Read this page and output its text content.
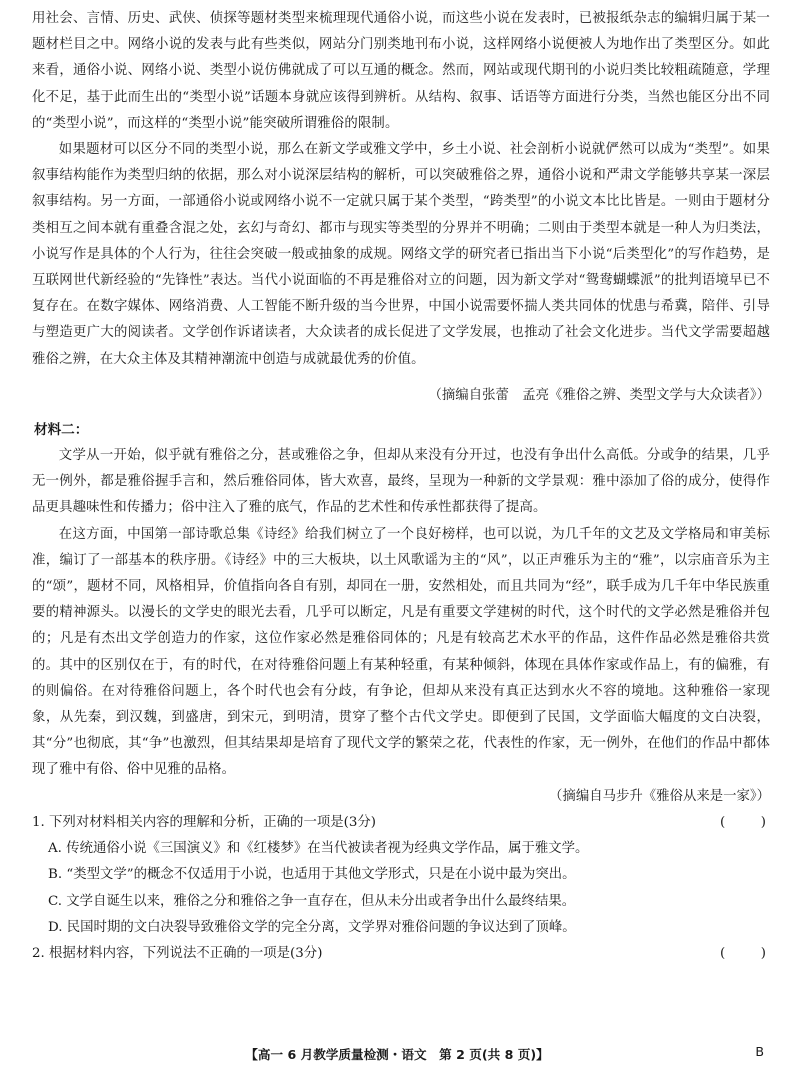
用社会、言情、历史、武侠、侦探等题材类型来梳理现代通俗小说，而这些小说在发表时，已被报纸杂志的编辑归属于某一题材栏目之中。网络小说的发表与此有些类似，网站分门别类地刊布小说，这样网络小说便被人为地作出了类型区分。如此来看，通俗小说、网络小说、类型小说仿佛就成了可以互通的概念。然而，网站或现代期刊的小说归类比较粗疏随意，学理化不足，基于此而生出的“类型小说”话题本身就应该得到辨析。从结构、叙事、话语等方面进行分类，当然也能区分出不同的“类型小说”，而这样的“类型小说”能突破所谓雅俗的限制。

如果题材可以区分不同的类型小说，那么在新文学或雅文学中，乡土小说、社会剖析小说就俨然可以成为“类型”。如果叙事结构能作为类型归纳的依据，那么对小说深层结构的解析，可以突破雅俗之界，通俗小说和严肃文学能够共享某一深层叙事结构。另一方面，一部通俗小说或网络小说不一定就只属于某个类型，“跨类型”的小说文本比比皆是。一则由于题材分类相互之间本就有重叠含混之处，玄幻与奇幻、都市与现实等类型的分界并不明确；二则由于类型本就是一种人为归类法，小说写作是具体的个人行为，往往会突破一般或抽象的成规。网络文学的研究者已指出当下小说“后类型化”的写作趋势，是互联网世代新经验的“先锋性”表达。当代小说面临的不再是雅俗对立的问题，因为新文学对“鸳鸯蝴蝶派”的批判语境早已不复存在。在数字媒体、网络消费、人工智能不断升级的当今世界，中国小说需要怀揣人类共同体的忧患与希冀，陪伴、引导与塑造更广大的阅读者。文学创作诉诸读者，大众读者的成长促进了文学发展，也推动了社会文化进步。当代文学需要超越雅俗之辨，在大众主体及其精神潮流中创造与成就最优秀的价值。

（摘编自张蕾　孟亮《雅俗之辨、类型文学与大众读者》）
材料二：

文学从一开始，似乎就有雅俗之分，甚或雅俗之争，但却从来没有分开过，也没有争出什么高低。分或争的结果，几乎无一例外，都是雅俗握手言和，然后雅俗同体，皆大欢喜，最终，呈现为一种新的文学景观：雅中添加了俗的成分，使得作品更具趣味性和传播力；俗中注入了雅的底气，作品的艺术性和传承性都获得了提高。

在这方面，中国第一部诗歌总集《诗经》给我们树立了一个良好榜样，也可以说，为几千年的文艺及文学格局和审美标准，编订了一部基本的秩序册。《诗经》中的三大板块，以土风歌谣为主的“风”，以正声雅乐为主的“雅”，以宗庙音乐为主的“颂”，题材不同，风格相异，价值指向各自有别，却同在一册，安然相处，而且共同为“经”，联手成为几千年中华民族重要的精神源头。以漫长的文学史的眼光去看，几乎可以断定，凡是有重要文学建树的时代，这个时代的文学必然是雅俗并包的；凡是有杰出文学创造力的作家，这位作家必然是雅俗同体的；凡是有较高艺术水平的作品，这件作品必然是雅俗共赏的。其中的区别仅在于，有的时代，在对待雅俗问题上有某种轻重，有某种倾斜，体现在具体作家或作品上，有的偏雅，有的则偏俗。在对待雅俗问题上，各个时代也会有分歧，有争论，但却从来没有真正达到水火不容的境地。这种雅俗一家现象，从先秦，到汉魏，到盛唐，到宋元，到明清，贯穿了整个古代文学史。即便到了民国，文学面临大幅度的文白决裂，其“分”也彻底，其“争”也激烈，但其结果却是培育了现代文学的繁荣之花，代表性的作家，无一例外，在他们的作品中都体现了雅中有俗、俗中见雅的品格。

（摘编自马步升《雅俗从来是一家》）
1. 下列对材料相关内容的理解和分析，正确的一项是(3分)	(	)
A. 传统通俗小说《三国演义》和《红楼梦》在当代被读者视为经典文学作品，属于雅文学。
B. “类型文学”的概念不仅适用于小说，也适用于其他文学形式，只是在小说中最为突出。
C. 文学自诞生以来，雅俗之分和雅俗之争一直存在，但从未分出或者争出什么最终结果。
D. 民国时期的文白决裂导致雅俗文学的完全分离，文学界对雅俗问题的争议达到了顶峰。
2. 根据材料内容，下列说法不正确的一项是(3分)	(	)
【高一 6 月教学质量检测・语文　第 2 页(共 8 页)】	B
